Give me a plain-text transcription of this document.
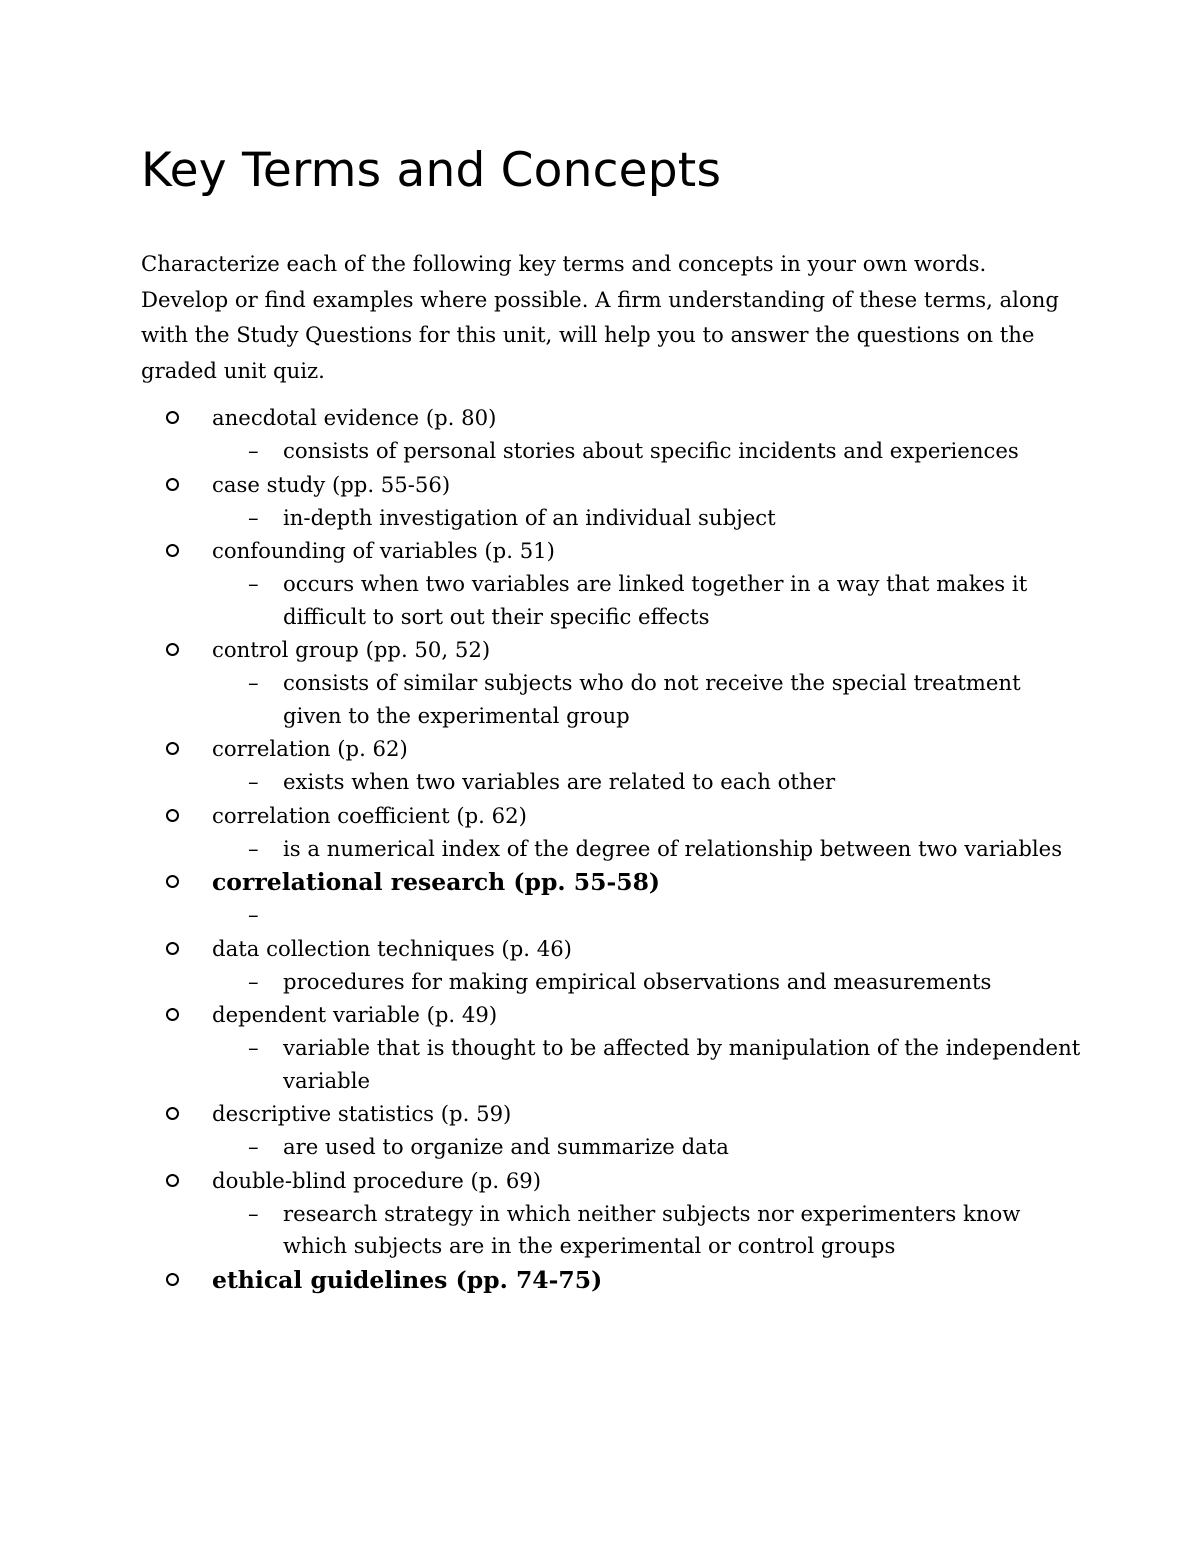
Key Terms and Concepts

Characterize each of the following key terms and concepts in your own words. Develop or find examples where possible. A firm understanding of these terms, along with the Study Questions for this unit, will help you to answer the questions on the graded unit quiz.

anecdotal evidence (p. 80)
– consists of personal stories about specific incidents and experiences
case study (pp. 55-56)
– in-depth investigation of an individual subject
confounding of variables (p. 51)
– occurs when two variables are linked together in a way that makes it difficult to sort out their specific effects
control group (pp. 50, 52)
– consists of similar subjects who do not receive the special treatment given to the experimental group
correlation (p. 62)
– exists when two variables are related to each other
correlation coefficient (p. 62)
– is a numerical index of the degree of relationship between two variables
correlational research (pp. 55-58)
–

data collection techniques (p. 46)
– procedures for making empirical observations and measurements
dependent variable (p. 49)
– variable that is thought to be affected by manipulation of the independent variable
descriptive statistics (p. 59)
– are used to organize and summarize data
double-blind procedure (p. 69)
– research strategy in which neither subjects nor experimenters know which subjects are in the experimental or control groups
ethical guidelines (pp. 74-75)
